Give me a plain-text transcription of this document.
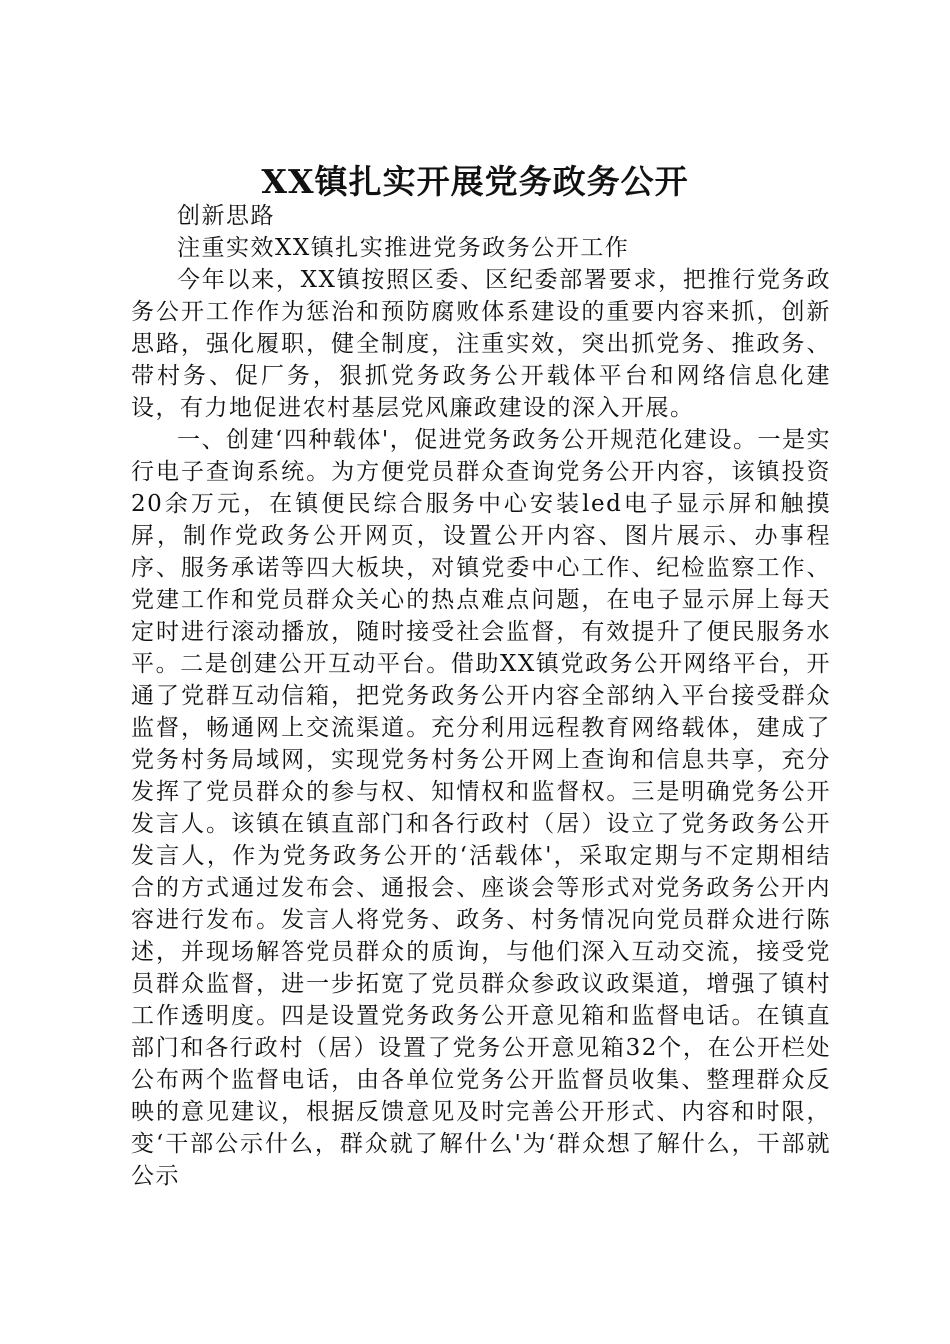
XX镇扎实开展党务政务公开

创新思路

注重实效XX镇扎实推进党务政务公开工作

今年以来，XX镇按照区委、区纪委部署要求，把推行党务政务公开工作作为惩治和预防腐败体系建设的重要内容来抓，创新思路，强化履职，健全制度，注重实效，突出抓党务、推政务、带村务、促厂务，狠抓党务政务公开载体平台和网络信息化建设，有力地促进农村基层党风廉政建设的深入开展。

一、创建‘四种载体'，促进党务政务公开规范化建设。一是实行电子查询系统。为方便党员群众查询党务公开内容，该镇投资20余万元，在镇便民综合服务中心安装led电子显示屏和触摸屏，制作党政务公开网页，设置公开内容、图片展示、办事程序、服务承诺等四大板块，对镇党委中心工作、纪检监察工作、党建工作和党员群众关心的热点难点问题，在电子显示屏上每天定时进行滚动播放，随时接受社会监督，有效提升了便民服务水平。二是创建公开互动平台。借助XX镇党政务公开网络平台，开通了党群互动信箱，把党务政务公开内容全部纳入平台接受群众监督，畅通网上交流渠道。充分利用远程教育网络载体，建成了党务村务局域网，实现党务村务公开网上查询和信息共享，充分发挥了党员群众的参与权、知情权和监督权。三是明确党务公开发言人。该镇在镇直部门和各行政村（居）设立了党务政务公开发言人，作为党务政务公开的‘活载体'，采取定期与不定期相结合的方式通过发布会、通报会、座谈会等形式对党务政务公开内容进行发布。发言人将党务、政务、村务情况向党员群众进行陈述，并现场解答党员群众的质询，与他们深入互动交流，接受党员群众监督，进一步拓宽了党员群众参政议政渠道，增强了镇村工作透明度。四是设置党务政务公开意见箱和监督电话。在镇直部门和各行政村（居）设置了党务公开意见箱32个，在公开栏处公布两个监督电话，由各单位党务公开监督员收集、整理群众反映的意见建议，根据反馈意见及时完善公开形式、内容和时限，变‘干部公示什么，群众就了解什么'为‘群众想了解什么，干部就公示
